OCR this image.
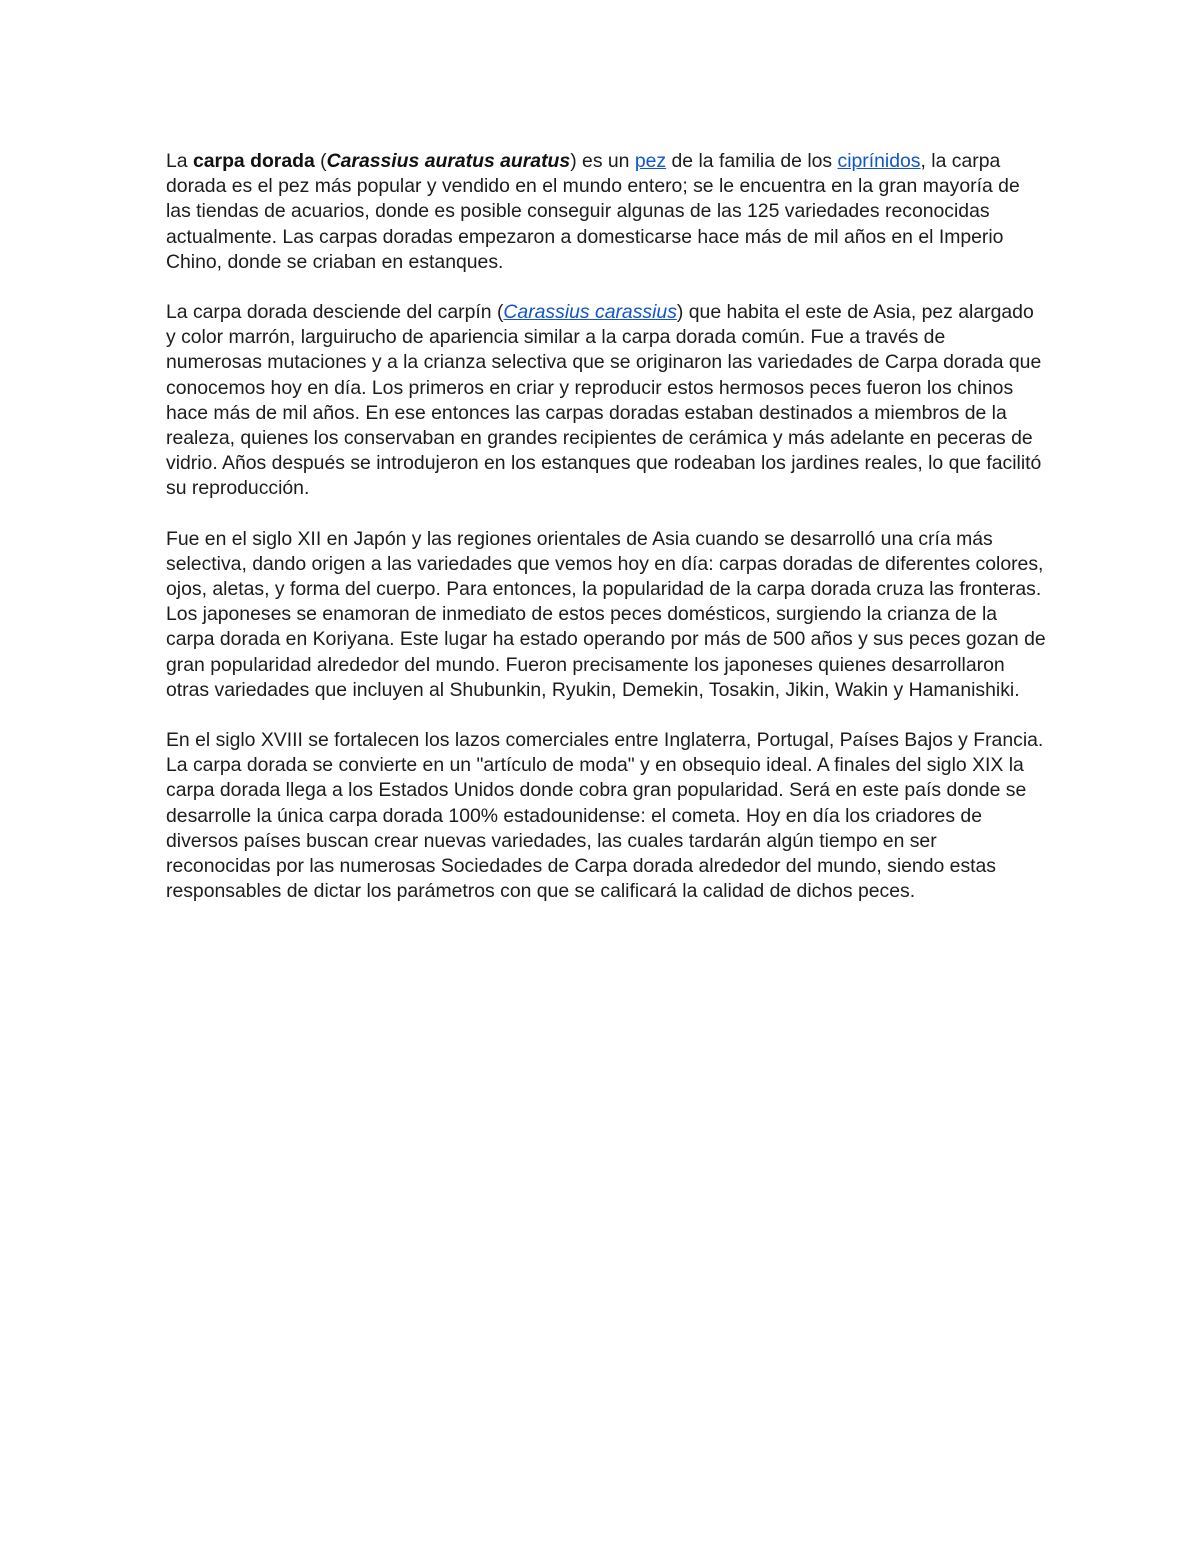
La carpa dorada (Carassius auratus auratus) es un pez de la familia de los ciprínidos, la carpa dorada es el pez más popular y vendido en el mundo entero; se le encuentra en la gran mayoría de las tiendas de acuarios, donde es posible conseguir algunas de las 125 variedades reconocidas actualmente. Las carpas doradas empezaron a domesticarse hace más de mil años en el Imperio Chino, donde se criaban en estanques.

La carpa dorada desciende del carpín (Carassius carassius) que habita el este de Asia, pez alargado y color marrón, larguirucho de apariencia similar a la carpa dorada común. Fue a través de numerosas mutaciones y a la crianza selectiva que se originaron las variedades de Carpa dorada que conocemos hoy en día. Los primeros en criar y reproducir estos hermosos peces fueron los chinos hace más de mil años. En ese entonces las carpas doradas estaban destinados a miembros de la realeza, quienes los conservaban en grandes recipientes de cerámica y más adelante en peceras de vidrio. Años después se introdujeron en los estanques que rodeaban los jardines reales, lo que facilitó su reproducción.

Fue en el siglo XII en Japón y las regiones orientales de Asia cuando se desarrolló una cría más selectiva, dando origen a las variedades que vemos hoy en día: carpas doradas de diferentes colores, ojos, aletas, y forma del cuerpo. Para entonces, la popularidad de la carpa dorada cruza las fronteras. Los japoneses se enamoran de inmediato de estos peces domésticos, surgiendo la crianza de la carpa dorada en Koriyana. Este lugar ha estado operando por más de 500 años y sus peces gozan de gran popularidad alrededor del mundo. Fueron precisamente los japoneses quienes desarrollaron otras variedades que incluyen al Shubunkin, Ryukin, Demekin, Tosakin, Jikin, Wakin y Hamanishiki.

En el siglo XVIII se fortalecen los lazos comerciales entre Inglaterra, Portugal, Países Bajos y Francia. La carpa dorada se convierte en un "artículo de moda" y en obsequio ideal. A finales del siglo XIX la carpa dorada llega a los Estados Unidos donde cobra gran popularidad. Será en este país donde se desarrolle la única carpa dorada 100% estadounidense: el cometa. Hoy en día los criadores de diversos países buscan crear nuevas variedades, las cuales tardarán algún tiempo en ser reconocidas por las numerosas Sociedades de Carpa dorada alrededor del mundo, siendo estas responsables de dictar los parámetros con que se calificará la calidad de dichos peces.
